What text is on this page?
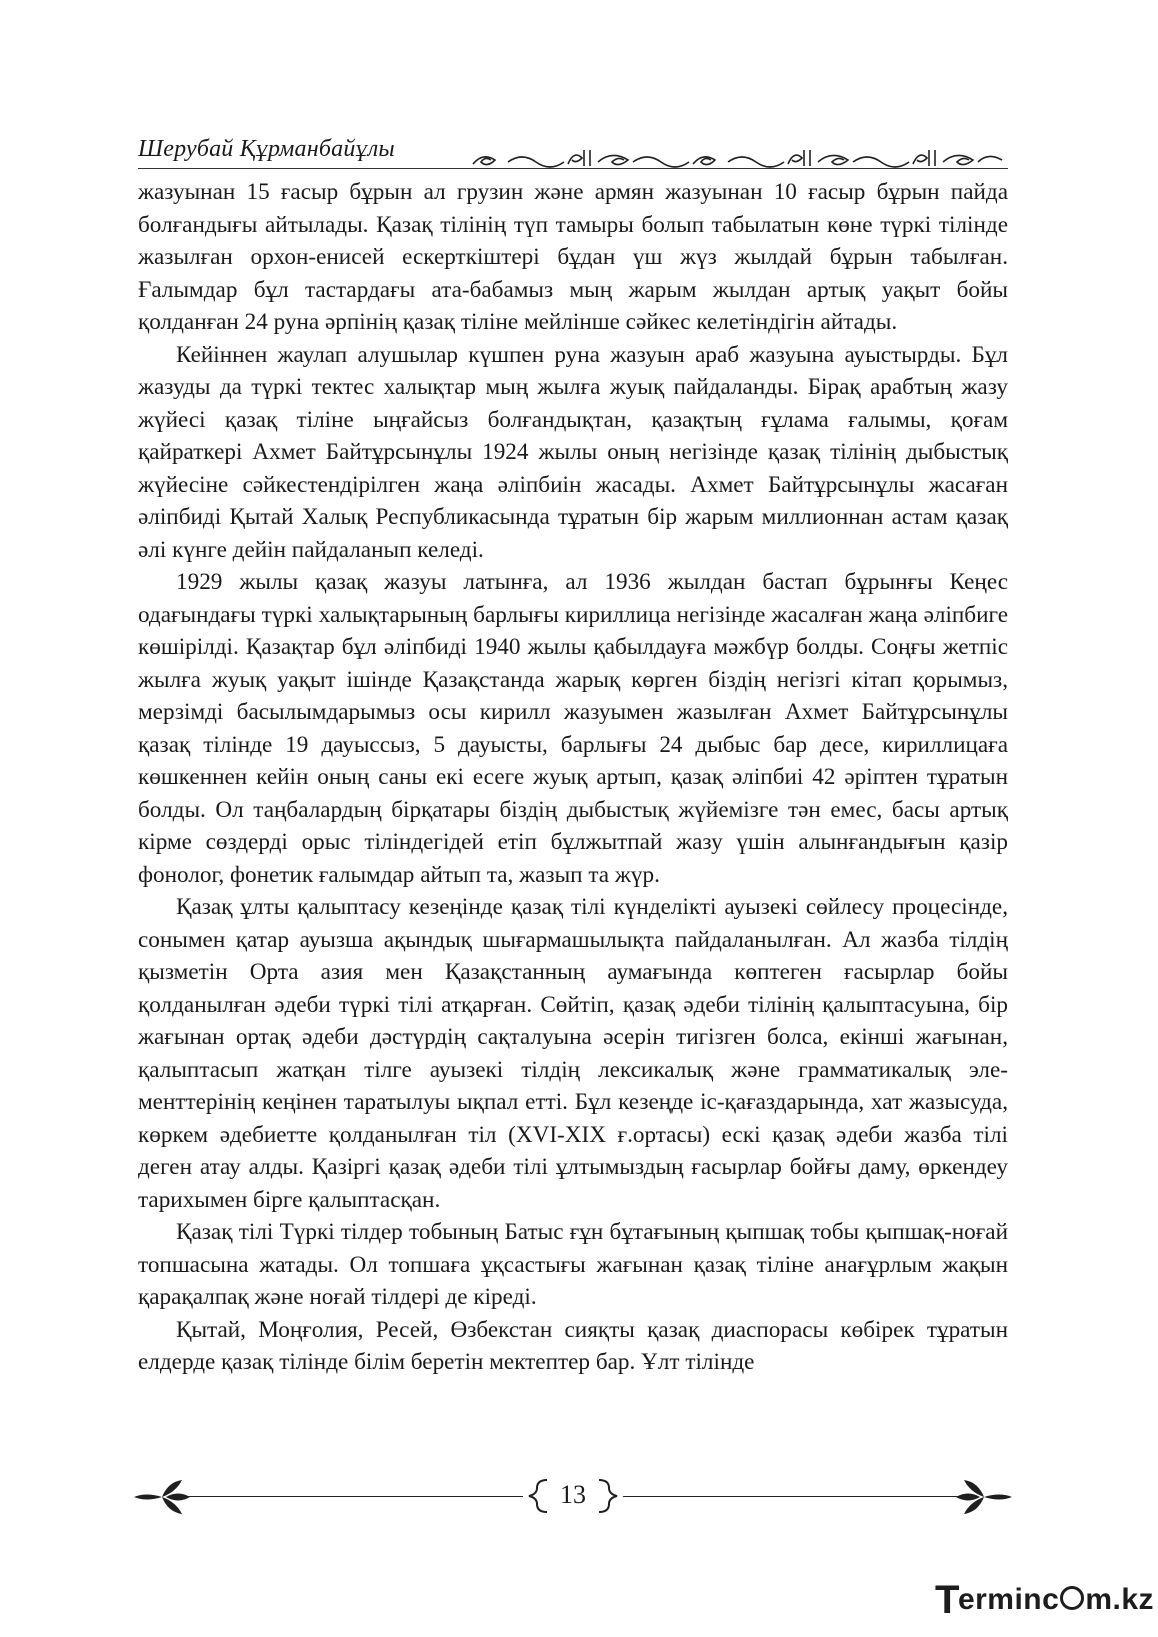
Шерубай Құрманбайұлы

жазуынан 15 ғасыр бұрын ал грузин және армян жазуынан 10 ғасыр бұрын пайда болғандығы айтылады. Қазақ тілінің түп тамыры болып табылатын көне түркі тілінде жазылған орхон-енисей ескерткіштері бұдан үш жүз жылдай бұрын табылған. Ғалымдар бұл тастардағы ата-бабамыз мың жарым жылдан артық уақыт бойы қолданған 24 руна әрпінің қазақ тіліне мейлінше сәйкес келетіндігін айтады.

Кейіннен жаулап алушылар күшпен руна жазуын араб жазуына ауыстырды. Бұл жазуды да түркі тектес халықтар мың жылға жуық пайдаланды. Бірақ арабтың жазу жүйесі қазақ тіліне ыңғайсыз болғандықтан, қазақтың ғұлама ғалымы, қоғам қайраткері Ахмет Байтұрсынұлы 1924 жылы оның негізінде қазақ тілінің дыбыстық жүйесіне сәйкестендірілген жаңа әліпбиін жасады. Ахмет Байтұрсынұлы жасаған әліпбиді Қытай Халық Республикасында тұратын бір жарым миллионнан астам қазақ әлі күнге дейін пайдаланып келеді.

1929 жылы қазақ жазуы латынға, ал 1936 жылдан бастап бұрынғы Кеңес одағындағы түркі халықтарының барлығы кириллица негізінде жасалған жаңа әліпбиге көшірілді. Қазақтар бұл әліпбиді 1940 жылы қабылдауға мәжбүр болды. Соңғы жетпіс жылға жуық уақыт ішінде Қазақстанда жарық көрген біздің негізгі кітап қорымыз, мерзімді басылымдарымыз осы кирилл жазуымен жазылған Ахмет Байтұрсынұлы қазақ тілінде 19 дауыссыз, 5 дауысты, барлығы 24 дыбыс бар десе, кириллицаға көшкеннен кейін оның саны екі есеге жуық артып, қазақ әліпбиі 42 әріптен тұратын болды. Ол таңбалардың бірқатары біздің дыбыстық жүйемізге тән емес, басы артық кірме сөздерді орыс тіліндегідей етіп бұлжытпай жазу үшін алынғандығын қазір фонолог, фонетик ғалымдар айтып та, жазып та жүр.

Қазақ ұлты қалыптасу кезеңінде қазақ тілі күнделікті ауызекі сөйлесу процесінде, сонымен қатар ауызша ақындық шығармашылықта пайдаланылған. Ал жазба тілдің қызметін Орта азия мен Қазақстанның аумағында көптеген ғасырлар бойы қолданылған әдеби түркі тілі атқарған. Сөйтіп, қазақ әдеби тілінің қалыптасуына, бір жағынан ортақ әдеби дәстүрдің сақталуына әсерін тигізген болса, екінші жағынан, қалыптасып жатқан тілге ауызекі тілдің лексикалық және грамматикалық элементтерінің кеңінен таратылуы ықпал етті. Бұл кезеңде іс-қағаздарында, хат жазысуда, көркем әдебиетте қолданылған тіл (XVI-XIX ғ.ортасы) ескі қазақ әдеби жазба тілі деген атау алды. Қазіргі қазақ әдеби тілі ұлтымыздың ғасырлар бойғы даму, өркендеу тарихымен бірге қалыптасқан.

Қазақ тілі Түркі тілдер тобының Батыс ғұн бұтағының қыпшақ тобы қыпшақ-ноғай топшасына жатады. Ол топшаға ұқсастығы жағынан қазақ тіліне анағұрлым жақын қарақалпақ және ноғай тілдері де кіреді.

Қытай, Моңғолия, Ресей, Өзбекстан сияқты қазақ диаспорасы көбірек тұратын елдерде қазақ тілінде білім беретін мектептер бар. Ұлт тілінде

13
Terminc m.kz
